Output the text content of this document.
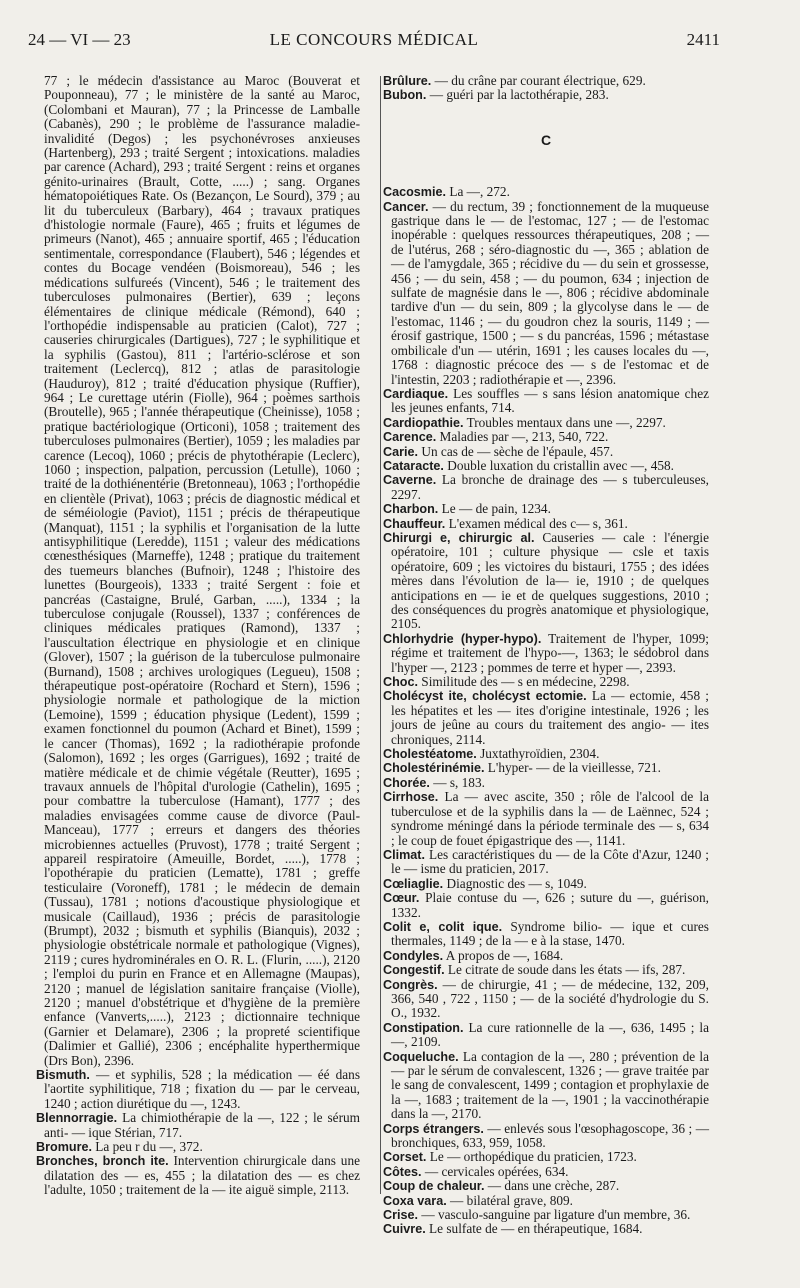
24 — VI — 23	LE CONCOURS MÉDICAL	2411

77 ; le médecin d'assistance au Maroc (Bouverat et Pouponneau), 77 ; le ministère de la santé au Maroc, (Colombani et Mauran), 77 ; la Princesse de Lamballe (Cabanès), 290 ; le problème de l'assurance maladie-invalidité (Degos) ; les psychonévroses anxieuses (Hartenberg), 293 ; traité Sergent ; intoxications. maladies par carence (Achard), 293 ; traité Sergent : reins et organes génito-urinaires (Brault, Cotte, .....) ; sang. Organes hématopoiétiques Rate. Os (Bezançon, Le Sourd), 379 ; au lit du tuberculeux (Barbary), 464 ; travaux pratiques d'histologie normale (Faure), 465 ; fruits et légumes de primeurs (Nanot), 465 ; annuaire sportif, 465 ; l'éducation sentimentale, correspondance (Flaubert), 546 ; légendes et contes du Bocage vendéen (Boismoreau), 546 ; les médications sulfureés (Vincent), 546 ; le traitement des tuberculoses pulmonaires (Bertier), 639 ; leçons élémentaires de clinique médicale (Rémond), 640 ; l'orthopédie indispensable au praticien (Calot), 727 ; causeries chirurgicales (Dartigues), 727 ; le syphilitique et la syphilis (Gastou), 811 ; l'artério-sclérose et son traitement (Leclercq), 812 ; atlas de parasitologie (Hauduroy), 812 ; traité d'éducation physique (Ruffier), 964 ; Le curettage utérin (Fiolle), 964 ; poèmes sarthois (Broutelle), 965 ; l'année thérapeutique (Cheinisse), 1058 ; pratique bactériologique (Orticoni), 1058 ; traitement des tuberculoses pulmonaires (Bertier), 1059 ; les maladies par carence (Lecoq), 1060 ; précis de phytothérapie (Leclerc), 1060 ; inspection, palpation, percussion (Letulle), 1060 ; traité de la dothiénentérie (Bretonneau), 1063 ; l'orthopédie en clientèle (Privat), 1063 ; précis de diagnostic médical et de séméiologie (Paviot), 1151 ; précis de thérapeutique (Manquat), 1151 ; la syphilis et l'organisation de la lutte antisyphilitique (Leredde), 1151 ; valeur des médications cœnesthésiques (Marneffe), 1248 ; pratique du traitement des tuemeurs blanches (Bufnoir), 1248 ; l'histoire des lunettes (Bourgeois), 1333 ; traité Sergent : foie et pancréas (Castaigne, Brulé, Garban, .....), 1334 ; la tuberculose conjugale (Roussel), 1337 ; conférences de cliniques médicales pratiques (Ramond), 1337 ; l'auscultation électrique en physiologie et en clinique (Glover), 1507 ; la guérison de la tuberculose pulmonaire (Burnand), 1508 ; archives urologiques (Legueu), 1508 ; thérapeutique post-opératoire (Rochard et Stern), 1596 ; physiologie normale et pathologique de la miction (Lemoine), 1599 ; éducation physique (Ledent), 1599 ; examen fonctionnel du poumon (Achard et Binet), 1599 ; le cancer (Thomas), 1692 ; la radiothérapie profonde (Salomon), 1692 ; les orges (Garrigues), 1692 ; traité de matière médicale et de chimie végétale (Reutter), 1695 ; travaux annuels de l'hôpital d'urologie (Cathelin), 1695 ; pour combattre la tuberculose (Hamant), 1777 ; des maladies envisagées comme cause de divorce (Paul-Manceau), 1777 ; erreurs et dangers des théories microbiennes actuelles (Pruvost), 1778 ; traité Sergent ; appareil respiratoire (Ameuille, Bordet, .....), 1778 ; l'opothérapie du praticien (Lematte), 1781 ; greffe testiculaire (Voroneff), 1781 ; le médecin de demain (Tussau), 1781 ; notions d'acoustique physiologique et musicale (Caillaud), 1936 ; précis de parasitologie (Brumpt), 2032 ; bismuth et syphilis (Bianquis), 2032 ; physiologie obstétricale normale et pathologique (Vignes), 2119 ; cures hydrominérales en O. R. L. (Flurin, .....), 2120 ; l'emploi du purin en France et en Allemagne (Maupas), 2120 ; manuel de législation sanitaire française (Violle), 2120 ; manuel d'obstétrique et d'hygiène de la première enfance (Vanverts,.....), 2123 ; dictionnaire technique (Garnier et Delamare), 2306 ; la propreté scientifique (Dalimier et Gallié), 2306 ; encéphalite hyperthermique (Drs Bon), 2396.

Bismuth. — et syphilis, 528 ; la médication — éé dans l'aortite syphilitique, 718 ; fixation du — par le cerveau, 1240 ; action diurétique du —, 1243.

Blennorragie. La chimiothérapie de la —, 122 ; le sérum anti- — ique Stérian, 717.

Bromure. La peu r du —, 372.

Bronches, bronch ite. Intervention chirurgicale dans une dilatation des — es, 455 ; la dilatation des — es chez l'adulte, 1050 ; traitement de la — ite aiguë simple, 2113.

Brûlure. — du crâne par courant électrique, 629.

Bubon. — guéri par la lactothérapie, 283.

C

Cacosmie. La —, 272.

Cancer. — du rectum, 39 ; fonctionnement de la muqueuse gastrique dans le — de l'estomac, 127 ; — de l'estomac inopérable : quelques ressources thérapeutiques, 208 ; — de l'utérus, 268 ; séro-diagnostic du —, 365 ; ablation de — de l'amygdale, 365 ; récidive du — du sein et grossesse, 456 ; — du sein, 458 ; — du poumon, 634 ; injection de sulfate de magnésie dans le —, 806 ; récidive abdominale tardive d'un — du sein, 809 ; la glycolyse dans le — de l'estomac, 1146 ; — du goudron chez la souris, 1149 ; — érosif gastrique, 1500 ; — s du pancréas, 1596 ; métastase ombilicale d'un — utérin, 1691 ; les causes locales du —, 1768 : diagnostic précoce des — s de l'estomac et de l'intestin, 2203 ; radiothérapie et —, 2396.

Cardiaque. Les souffles — s sans lésion anatomique chez les jeunes enfants, 714.

Cardiopathie. Troubles mentaux dans une —, 2297.

Carence. Maladies par —, 213, 540, 722.

Carie. Un cas de — sèche de l'épaule, 457.

Cataracte. Double luxation du cristallin avec —, 458.

Caverne. La bronche de drainage des — s tuberculeuses, 2297.

Charbon. Le — de pain, 1234.

Chauffeur. L'examen médical des c— s, 361.

Chirurgi e, chirurgic al. Causeries — cale : l'énergie opératoire, 101 ; culture physique — csle et taxis opératoire, 609 ; les victoires du bistauri, 1755 ; des idées mères dans l'évolution de la— ie, 1910 ; de quelques anticipations en — ie et de quelques suggestions, 2010 ; des conséquences du progrès anatomique et physiologique, 2105.

Chlorhydrie (hyper-hypo). Traitement de l'hyper, 1099; régime et traitement de l'hypo-—, 1363; le sédobrol dans l'hyper —, 2123 ; pommes de terre et hyper —, 2393.

Choc. Similitude des — s en médecine, 2298.

Cholécyst ite, cholécyst ectomie. La — ectomie, 458 ; les hépatites et les — ites d'origine intestinale, 1926 ; les jours de jeûne au cours du traitement des angio- — ites chroniques, 2114.

Cholestéatome. Juxtathyroïdien, 2304.

Cholestérinémie. L'hyper- — de la vieillesse, 721.

Chorée. — s, 183.

Cirrhose. La — avec ascite, 350 ; rôle de l'alcool de la tuberculose et de la syphilis dans la — de Laënnec, 524 ; syndrome méningé dans la période terminale des — s, 634 ; le coup de fouet épigastrique des —, 1141.

Climat. Les caractéristiques du — de la Côte d'Azur, 1240 ; le — isme du praticien, 2017.

Cœliaglie. Diagnostic des — s, 1049.

Cœur. Plaie contuse du —, 626 ; suture du —, guérison, 1332.

Colit e, colit ique. Syndrome bilio- — ique et cures thermales, 1149 ; de la — e à la stase, 1470.

Condyles. A propos de —, 1684.

Congestif. Le citrate de soude dans les états — ifs, 287.

Congrès. — de chirurgie, 41 ; — de médecine, 132, 209, 366, 540 , 722 , 1150 ; — de la société d'hydrologie du S. O., 1932.

Constipation. La cure rationnelle de la —, 636, 1495 ; la —, 2109.

Coqueluche. La contagion de la —, 280 ; prévention de la — par le sérum de convalescent, 1326 ; — grave traitée par le sang de convalescent, 1499 ; contagion et prophylaxie de la —, 1683 ; traitement de la —, 1901 ; la vaccinothérapie dans la —, 2170.

Corps étrangers. — enlevés sous l'œsophagoscope, 36 ; — bronchiques, 633, 959, 1058.

Corset. Le — orthopédique du praticien, 1723.

Côtes. — cervicales opérées, 634.

Coup de chaleur. — dans une crèche, 287.

Coxa vara. — bilatéral grave, 809.

Crise. — vasculo-sanguine par ligature d'un membre, 36.

Cuivre. Le sulfate de — en thérapeutique, 1684.
